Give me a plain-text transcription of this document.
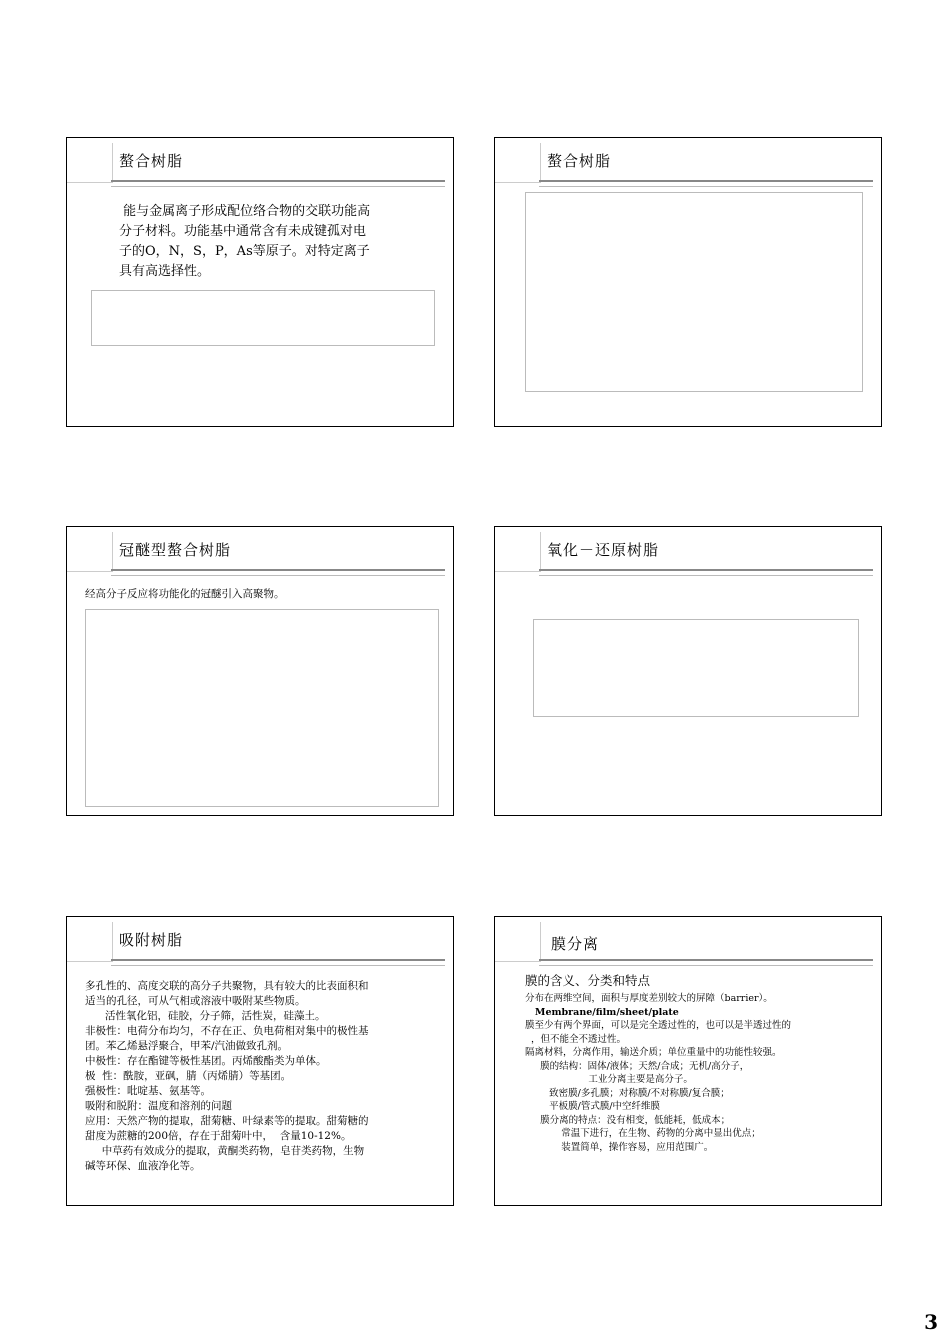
螯合树脂
能与金属离子形成配位络合物的交联功能高
分子材料。功能基中通常含有未成键孤对电
子的O，N，S，P，As等原子。对特定离子
具有高选择性。
螯合树脂
冠醚型螯合树脂
经高分子反应将功能化的冠醚引入高聚物。
氧化－还原树脂
吸附树脂
多孔性的、高度交联的高分子共聚物，具有较大的比表面积和
适当的孔径，可从气相或溶液中吸附某些物质。
活性氧化铝，硅胶，分子筛，活性炭，硅藻土。
非极性：电荷分布均匀，不存在正、负电荷相对集中的极性基
团。苯乙烯悬浮聚合，甲苯/汽油做致孔剂。
中极性：存在酯键等极性基团。丙烯酸酯类为单体。
极  性：酰胺，亚砜，腈（丙烯腈）等基团。
强极性：吡啶基、氨基等。
吸附和脱附：温度和溶剂的问题
应用：天然产物的提取，甜菊糖、叶绿素等的提取。甜菊糖的
甜度为蔗糖的200倍，存在于甜菊叶中，  含量10-12%。
中草药有效成分的提取，黄酮类药物，皂苷类药物，生物
碱等环保、血液净化等。
膜分离
膜的含义、分类和特点
分布在两维空间，面积与厚度差别较大的屏障（barrier）。
Membrane/film/sheet/plate
膜至少有两个界面，可以是完全透过性的，也可以是半透过性的
，但不能全不透过性。
隔离材料，分离作用，输送介质；单位重量中的功能性较强。
膜的结构：固体/液体；天然/合成；无机/高分子，
工业分离主要是高分子。
致密膜/多孔膜；对称膜/不对称膜/复合膜；
平板膜/管式膜/中空纤维膜
膜分离的特点：没有相变，低能耗，低成本；
常温下进行，在生物、药物的分离中显出优点；
装置简单，操作容易，应用范围广。
3
